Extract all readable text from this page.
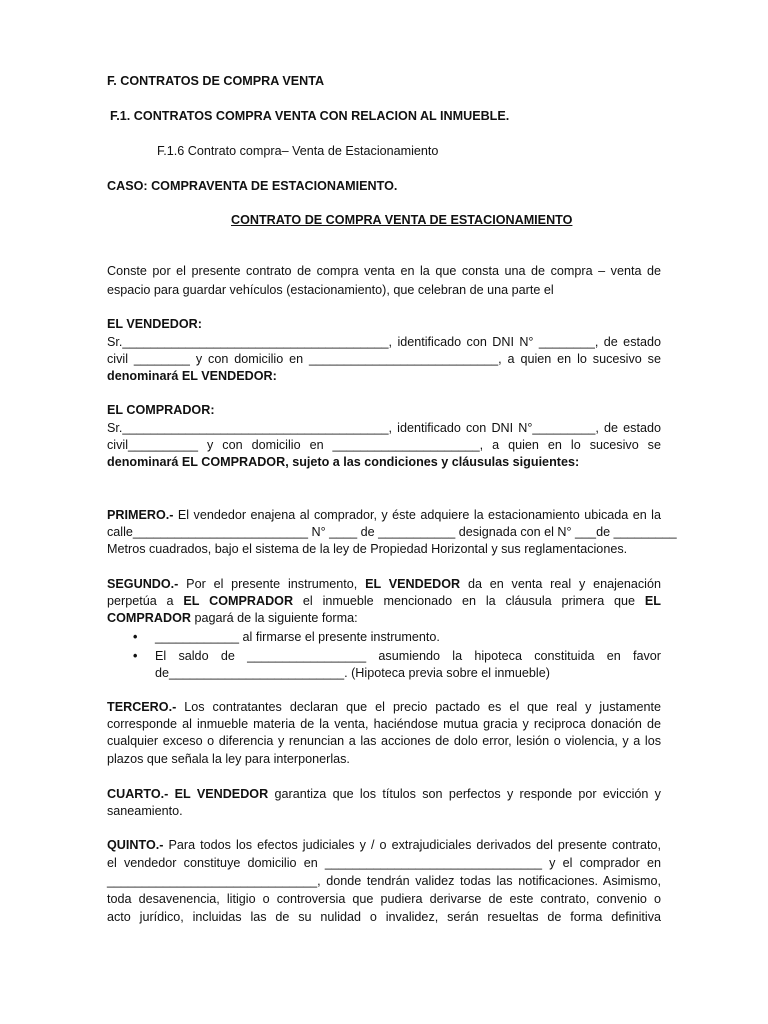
F. CONTRATOS DE COMPRA VENTA
F.1. CONTRATOS COMPRA VENTA CON RELACION AL INMUEBLE.
F.1.6 Contrato compra– Venta de Estacionamiento
CASO: COMPRAVENTA DE ESTACIONAMIENTO.
CONTRATO DE COMPRA VENTA DE ESTACIONAMIENTO
Conste por el presente contrato de compra venta en la que consta una de compra – venta de
espacio para guardar vehículos (estacionamiento), que celebran de una parte el
EL VENDEDOR:
Sr.______________________________________, identificado con DNI N° ________, de estado
civil ________ y con domicilio en ___________________________, a quien en lo sucesivo se
denominará EL VENDEDOR:
EL COMPRADOR:
Sr.______________________________________, identificado con DNI N°_________, de estado
civil__________ y con domicilio en _____________________, a quien en lo sucesivo se
denominará EL COMPRADOR, sujeto a las condiciones y cláusulas siguientes:
PRIMERO.- El vendedor enajena al comprador, y éste adquiere la estacionamiento ubicada en la
calle_________________________ N° ____ de ___________ designada con el N° ___de _________
Metros cuadrados, bajo el sistema de la ley de Propiedad Horizontal y sus reglamentaciones.
SEGUNDO.- Por el presente instrumento, EL VENDEDOR da en venta real y enajenación
perpetúa a EL COMPRADOR el inmueble mencionado en la cláusula primera que EL
COMPRADOR pagará de la siguiente forma:
• ____________ al firmarse el presente instrumento.
• El saldo de _________________ asumiendo la hipoteca constituida en favor
de_________________________. (Hipoteca previa sobre el inmueble)
TERCERO.- Los contratantes declaran que el precio pactado es el que real y justamente
corresponde al inmueble materia de la venta, haciéndose mutua gracia y reciproca donación de
cualquier exceso o diferencia y renuncian a las acciones de dolo error, lesión o violencia, y a los
plazos que señala la ley para interponerlas.
CUARTO.- EL VENDEDOR garantiza que los títulos son perfectos y responde por evicción y
saneamiento.
QUINTO.- Para todos los efectos judiciales y / o extrajudiciales derivados del presente contrato,
el vendedor constituye domicilio en _______________________________ y el comprador en
______________________________, donde tendrán validez todas las notificaciones. Asimismo,
toda desavenencia, litigio o controversia que pudiera derivarse de este contrato, convenio o
acto jurídico, incluidas las de su nulidad o invalidez, serán resueltas de forma definitiva
